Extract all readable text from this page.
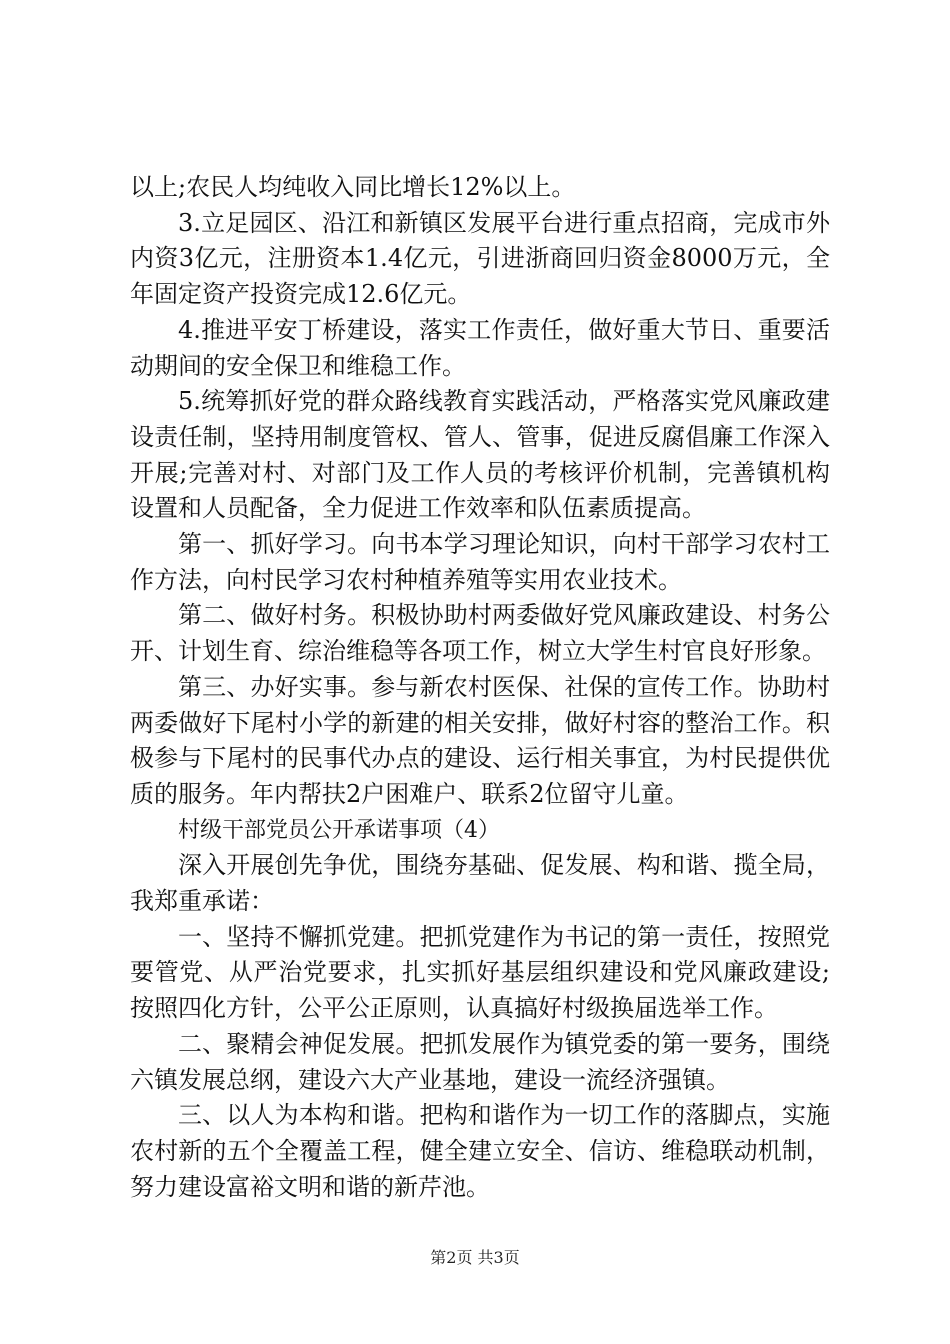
以上;农民人均纯收入同比增长12%以上。

3.立足园区、沿江和新镇区发展平台进行重点招商，完成市外内资3亿元，注册资本1.4亿元，引进浙商回归资金8000万元，全年固定资产投资完成12.6亿元。

4.推进平安丁桥建设，落实工作责任，做好重大节日、重要活动期间的安全保卫和维稳工作。

5.统筹抓好党的群众路线教育实践活动，严格落实党风廉政建设责任制，坚持用制度管权、管人、管事，促进反腐倡廉工作深入开展;完善对村、对部门及工作人员的考核评价机制，完善镇机构设置和人员配备，全力促进工作效率和队伍素质提高。

第一、抓好学习。向书本学习理论知识，向村干部学习农村工作方法，向村民学习农村种植养殖等实用农业技术。

第二、做好村务。积极协助村两委做好党风廉政建设、村务公开、计划生育、综治维稳等各项工作，树立大学生村官良好形象。

第三、办好实事。参与新农村医保、社保的宣传工作。协助村两委做好下尾村小学的新建的相关安排，做好村容的整治工作。积极参与下尾村的民事代办点的建设、运行相关事宜，为村民提供优质的服务。年内帮扶2户困难户、联系2位留守儿童。

村级干部党员公开承诺事项（4）

深入开展创先争优，围绕夯基础、促发展、构和谐、揽全局，我郑重承诺：

一、坚持不懈抓党建。把抓党建作为书记的第一责任，按照党要管党、从严治党要求，扎实抓好基层组织建设和党风廉政建设;按照四化方针，公平公正原则，认真搞好村级换届选举工作。

二、聚精会神促发展。把抓发展作为镇党委的第一要务，围绕六镇发展总纲，建设六大产业基地，建设一流经济强镇。

三、以人为本构和谐。把构和谐作为一切工作的落脚点，实施农村新的五个全覆盖工程，健全建立安全、信访、维稳联动机制，努力建设富裕文明和谐的新芹池。

第2页 共3页
